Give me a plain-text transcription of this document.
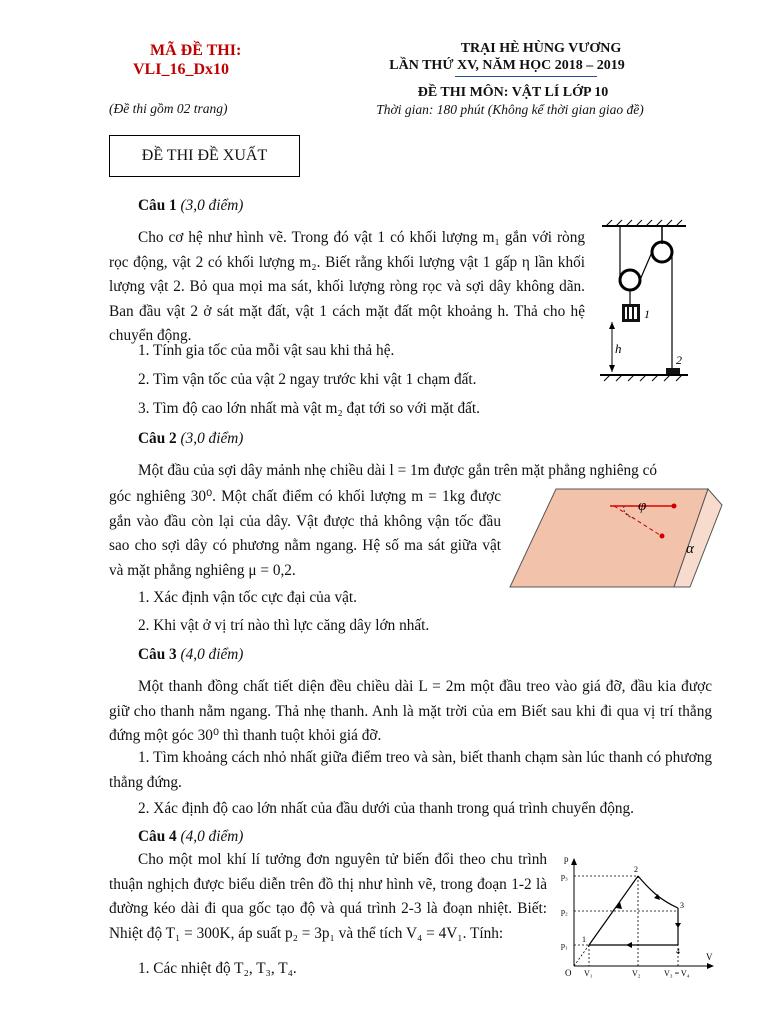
MÃ ĐỀ THI:
VLI_16_Dx10
(Đề thi gồm 02 trang)
TRẠI HÈ HÙNG VƯƠNG
LẦN THỨ XV, NĂM HỌC 2018 – 2019
ĐỀ THI MÔN: VẬT LÍ LỚP 10
Thời gian: 180 phút (Không kể thời gian giao đề)
ĐỀ THI ĐỀ XUẤT
Câu 1 (3,0 điểm)
Cho cơ hệ như hình vẽ. Trong đó vật 1 có khối lượng m₁ gắn với ròng rọc động, vật 2 có khối lượng m₂. Biết rằng khối lượng vật 1 gấp η lần khối lượng vật 2. Bỏ qua mọi ma sát, khối lượng ròng rọc và sợi dây không dãn. Ban đầu vật 2 ở sát mặt đất, vật 1 cách mặt đất một khoảng h. Thả cho hệ chuyển động.
1. Tính gia tốc của mỗi vật sau khi thả hệ.
2. Tìm vận tốc của vật 2 ngay trước khi vật 1 chạm đất.
3. Tìm độ cao lớn nhất mà vật m₂ đạt tới so với mặt đất.
1
h
2
Câu 2 (3,0 điểm)
Một đầu của sợi dây mảnh nhẹ chiều dài l = 1m được gắn trên mặt phẳng nghiêng có
góc nghiêng 30⁰. Một chất điểm có khối lượng m = 1kg được gắn vào đầu còn lại của dây. Vật được thả không vận tốc đầu sao cho sợi dây có phương nằm ngang. Hệ số ma sát giữa vật và mặt phẳng nghiêng μ = 0,2.
1. Xác định vận tốc cực đại của vật.
2. Khi vật ở vị trí nào thì lực căng dây lớn nhất.
φ
α
Câu 3 (4,0 điểm)
Một thanh đồng chất tiết diện đều chiều dài L = 2m một đầu treo vào giá đỡ, đầu kia được giữ cho thanh nằm ngang. Thả nhẹ thanh. Anh là mặt trời của em Biết sau khi đi qua vị trí thẳng đứng một góc 30⁰ thì thanh tuột khỏi giá đỡ.
1. Tìm khoảng cách nhỏ nhất giữa điểm treo và sàn, biết thanh chạm sàn lúc thanh có phương thẳng đứng.
2. Xác định độ cao lớn nhất của đầu dưới của thanh trong quá trình chuyển động.
Câu 4 (4,0 điểm)
Cho một mol khí lí tưởng đơn nguyên tử biến đổi theo chu trình thuận nghịch được biểu diễn trên đồ thị như hình vẽ, trong đoạn 1-2 là đường kéo dài đi qua gốc tạo độ và quá trình 2-3 là đoạn nhiệt. Biết: Nhiệt độ T₁ = 300K, áp suất p₂ = 3p₁ và thể tích V₄ = 4V₁. Tính:
1. Các nhiệt độ T₂, T₃, T₄.
p
V
O
p₃
p₂
p₁
V₁	V₂	V₃ = V₄
1
2
3
4
